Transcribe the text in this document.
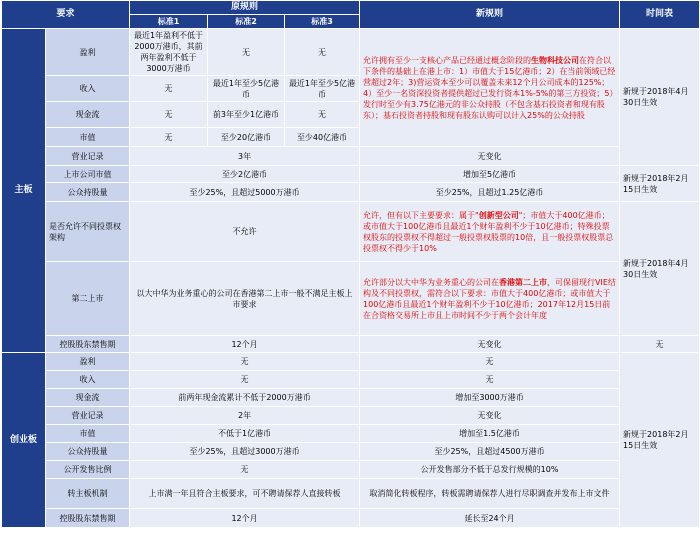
要求		原规则			新规则	时间表
		标准1	标准2	标准3		
主板	盈利	最近1年盈利不低于2000万港币，其前两年盈利不低于3000万港币	无	无	允许拥有至少一支核心产品已经通过概念阶段的生物科技公司在符合以下条件的基础上在港上市：1）市值大于15亿港币；2）在当前领域已经营超过2年；3)营运资本至少可以覆盖未来12个月公司成本的125%；4）至少一名资深投资者提供超过已发行资本1%-5%的第三方投资；5）发行时至少有3.75亿港元的非公众持股（不包含基石投资者和现有股东）；基石投资者持股和现有股东认购可以计入25%的公众持股	新规于2018年4月30日生效
	收入	无	最近1年至少5亿港币	最近1年至少5亿港币		
	现金流	无	前3年至少1亿港币	无		
	市值	无	至少20亿港币	至少40亿港币		
	营业记录	3年			无变化	
	上市公司市值	至少2亿港币			增加至5亿港币	新规于2018年2月15日生效
	公众持股量	至少25%，且超过5000万港币			至少25%，且超过1.25亿港币	
	是否允许不同投票权架构	不允许			允许，但有以下主要要求：属于"创新型公司"；市值大于400亿港币；或市值大于100亿港币且最近1个财年盈利不少于10亿港币；特殊投票权股东的投票权不得超过一般投票权股票的10倍，且一般投票权股票总投票权不得少于10%	新规于2018年4月30日生效
	第二上市	以大中华为业务重心的公司在香港第二上市一般不满足主板上市要求			允许部分以大中华为业务重心的公司在香港第二上市，可保留现行VIE结构及不同投票权，需符合以下要求：市值大于400亿港币；或市值大于100亿港币且最近1个财年盈利不少于10亿港币；2017年12月15日前在合资格交易所上市且上市时间不少于两个会计年度	
	控股股东禁售期	12个月			无变化	无
创业板	盈利	无			无	新规于2018年2月15日生效
	收入	无			无	
	现金流	前两年现金流累计不低于2000万港币			增加至3000万港币	
	营业记录	2年			无变化	
	市值	不低于1亿港币			增加至1.5亿港币	
	公众持股量	至少25%，且超过3000万港币			至少25%，且超过4500万港币	
	公开发售比例	无			公开发售部分不低于总发行规模的10%	
	转主板机制	上市满一年且符合主板要求，可不聘请保荐人直接转板			取消简化转板程序，转板需聘请保荐人进行尽职调查并发布上市文件	
	控股股东禁售期	12个月			延长至24个月	
